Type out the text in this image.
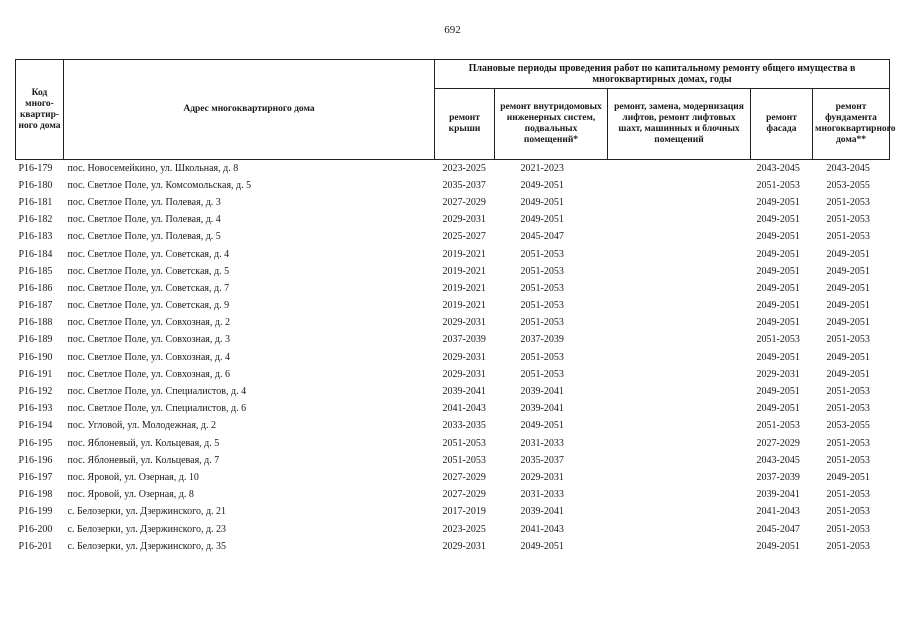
692
Код много-квартир-ного дома	Адрес многоквартирного дома	Плановые периоды проведения работ по капитальному ремонту общего имущества в многоквартирных домах, годы				
		ремонт крыши	ремонт внутридомовых инженерных систем, подвальных помещений*	ремонт, замена, модернизация лифтов, ремонт лифтовых шахт, машинных и блочных помещений	ремонт фасада	ремонт фундамента многоквартирного дома**
Р16-179	пос. Новосемейкино, ул. Школьная, д. 8	2023-2025	2021-2023		2043-2045	2043-2045
Р16-180	пос. Светлое Поле, ул. Комсомольская, д. 5	2035-2037	2049-2051		2051-2053	2053-2055
Р16-181	пос. Светлое Поле, ул. Полевая, д. 3	2027-2029	2049-2051		2049-2051	2051-2053
Р16-182	пос. Светлое Поле, ул. Полевая, д. 4	2029-2031	2049-2051		2049-2051	2051-2053
Р16-183	пос. Светлое Поле, ул. Полевая, д. 5	2025-2027	2045-2047		2049-2051	2051-2053
Р16-184	пос. Светлое Поле, ул. Советская, д. 4	2019-2021	2051-2053		2049-2051	2049-2051
Р16-185	пос. Светлое Поле, ул. Советская, д. 5	2019-2021	2051-2053		2049-2051	2049-2051
Р16-186	пос. Светлое Поле, ул. Советская, д. 7	2019-2021	2051-2053		2049-2051	2049-2051
Р16-187	пос. Светлое Поле, ул. Советская, д. 9	2019-2021	2051-2053		2049-2051	2049-2051
Р16-188	пос. Светлое Поле, ул. Совхозная, д. 2	2029-2031	2051-2053		2049-2051	2049-2051
Р16-189	пос. Светлое Поле, ул. Совхозная, д. 3	2037-2039	2037-2039		2051-2053	2051-2053
Р16-190	пос. Светлое Поле, ул. Совхозная, д. 4	2029-2031	2051-2053		2049-2051	2049-2051
Р16-191	пос. Светлое Поле, ул. Совхозная, д. 6	2029-2031	2051-2053		2029-2031	2049-2051
Р16-192	пос. Светлое Поле, ул. Специалистов, д. 4	2039-2041	2039-2041		2049-2051	2051-2053
Р16-193	пос. Светлое Поле, ул. Специалистов, д. 6	2041-2043	2039-2041		2049-2051	2051-2053
Р16-194	пос. Угловой, ул. Молодежная, д. 2	2033-2035	2049-2051		2051-2053	2053-2055
Р16-195	пос. Яблоневый, ул. Кольцевая, д. 5	2051-2053	2031-2033		2027-2029	2051-2053
Р16-196	пос. Яблоневый, ул. Кольцевая, д. 7	2051-2053	2035-2037		2043-2045	2051-2053
Р16-197	пос. Яровой, ул. Озерная, д. 10	2027-2029	2029-2031		2037-2039	2049-2051
Р16-198	пос. Яровой, ул. Озерная, д. 8	2027-2029	2031-2033		2039-2041	2051-2053
Р16-199	с. Белозерки, ул. Дзержинского, д. 21	2017-2019	2039-2041		2041-2043	2051-2053
Р16-200	с. Белозерки, ул. Дзержинского, д. 23	2023-2025	2041-2043		2045-2047	2051-2053
Р16-201	с. Белозерки, ул. Дзержинского, д. 35	2029-2031	2049-2051		2049-2051	2051-2053
